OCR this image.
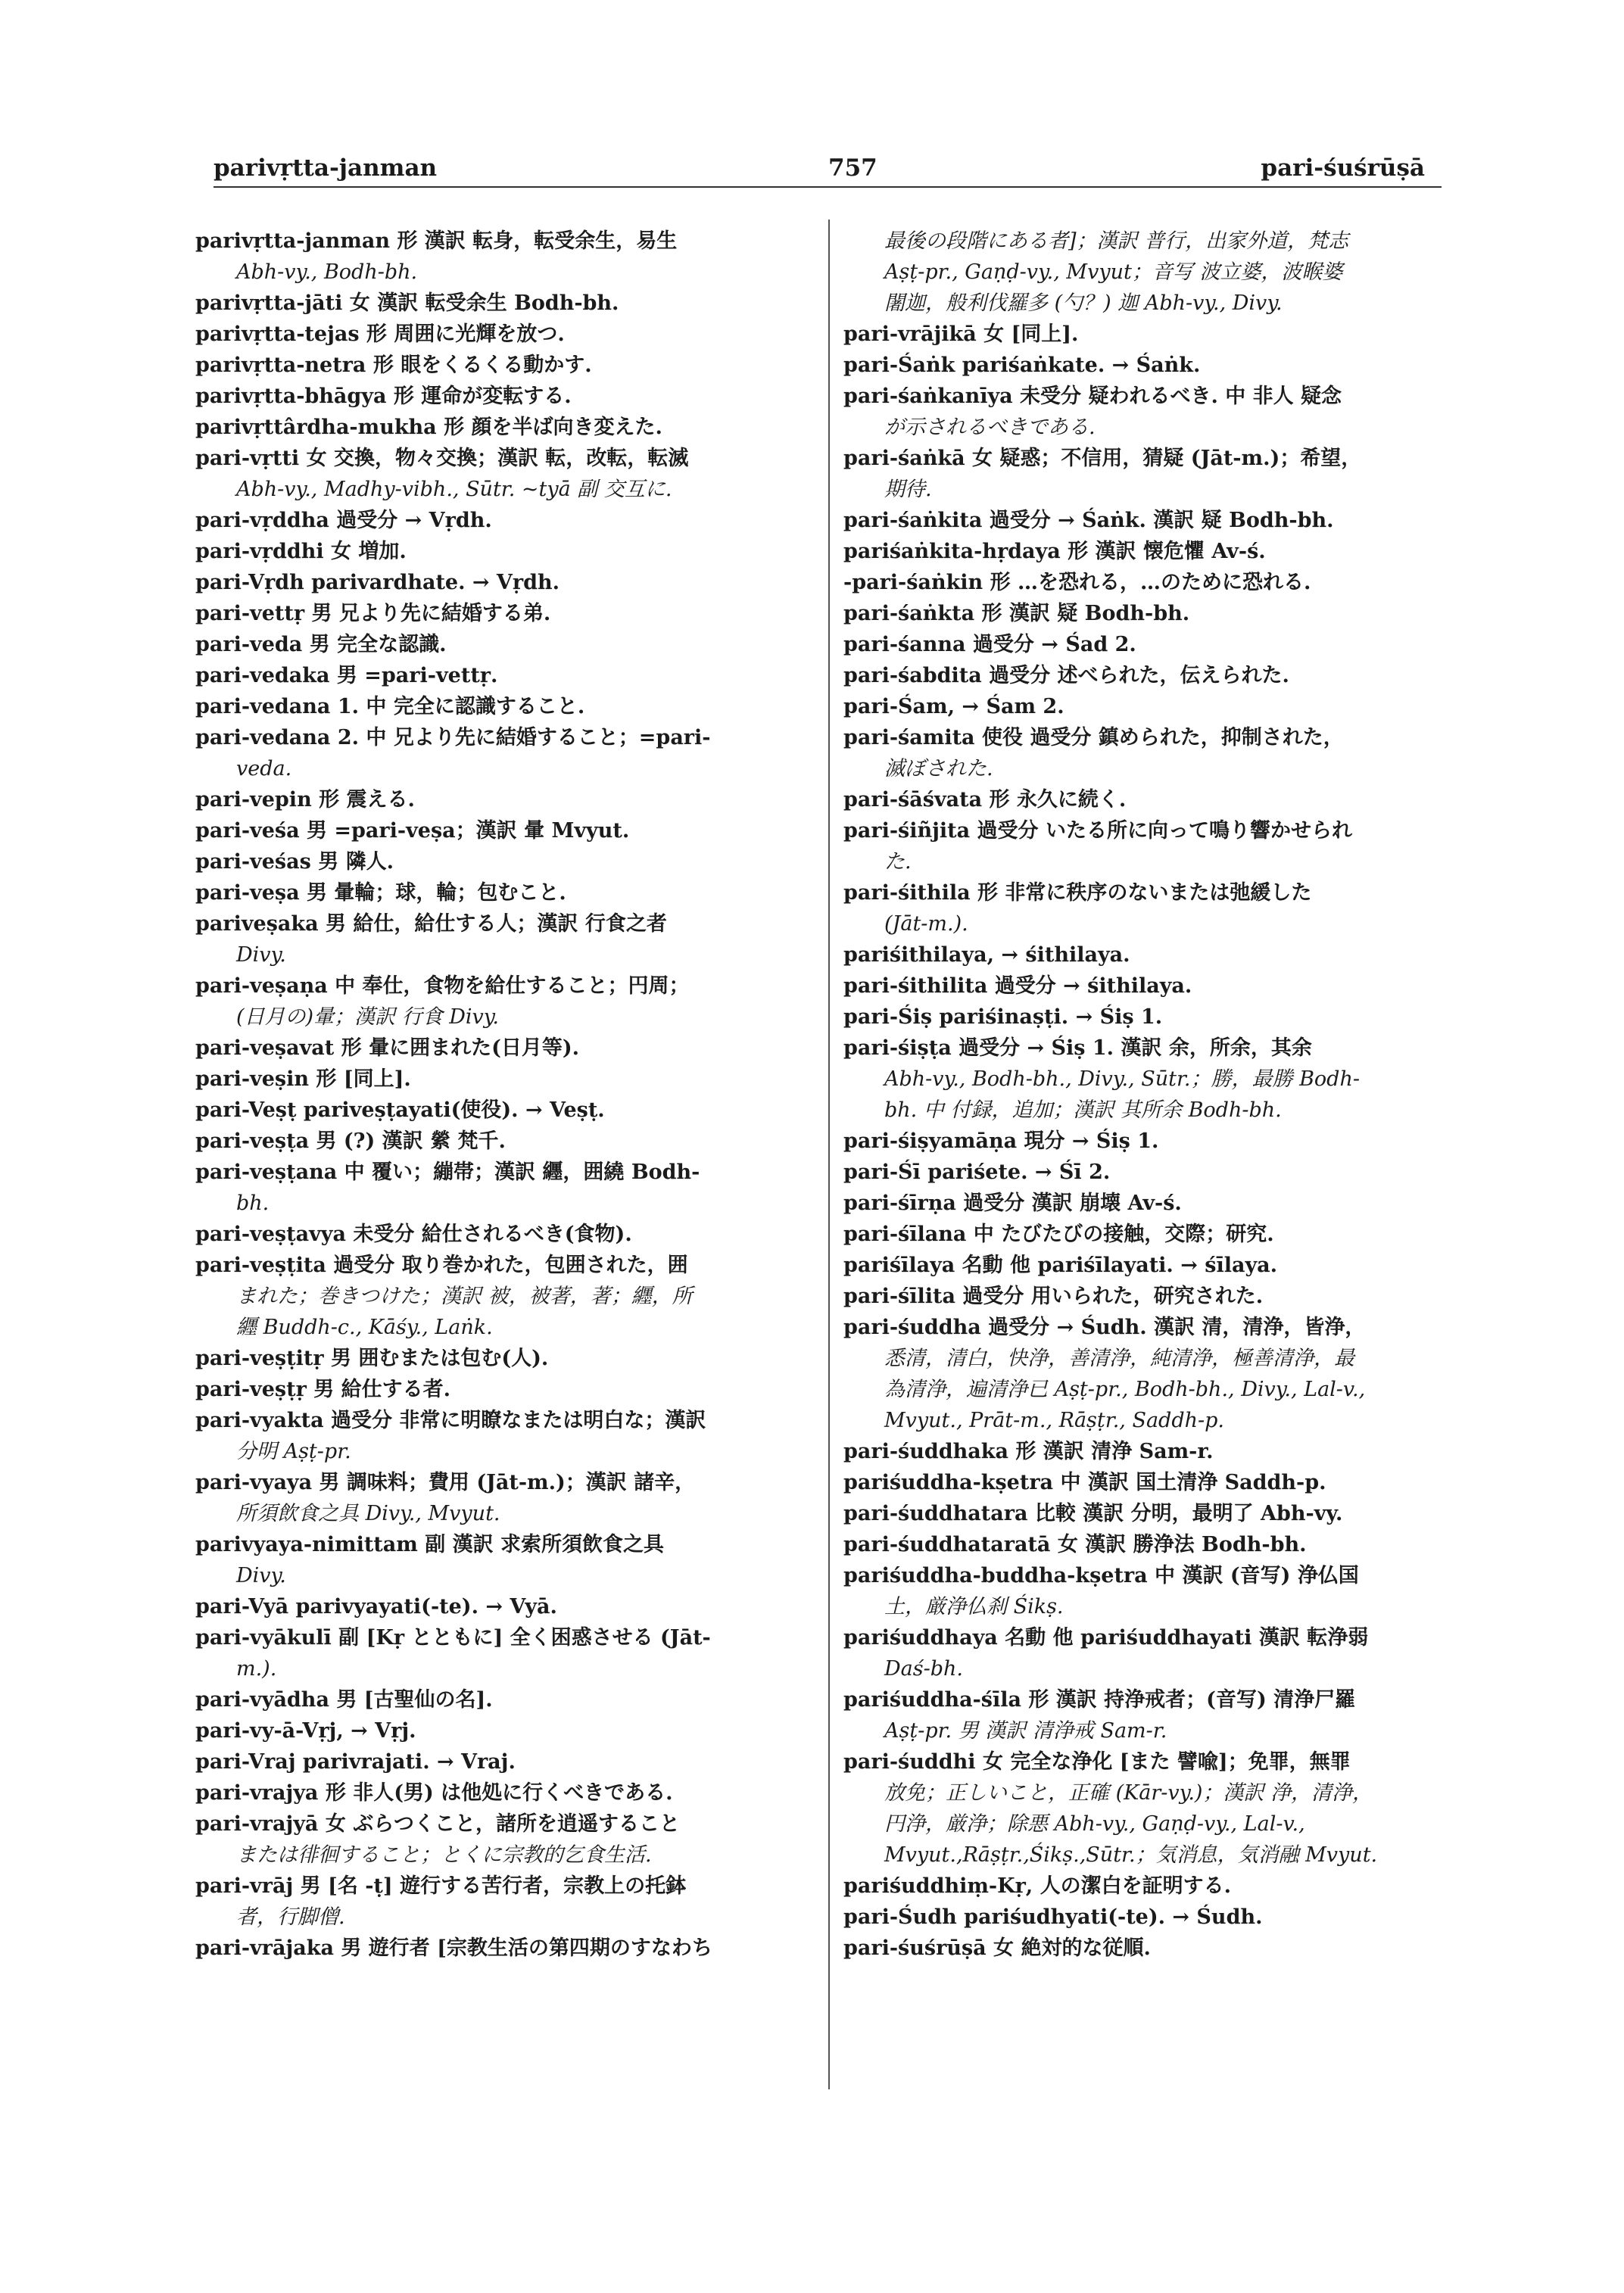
parivṛtta-janman	757	pari-śuśrūṣā

parivṛtta-janman 形 漢訳 転身，転受余生，易生

Abh-vy., Bodh-bh.

parivṛtta-jāti 女 漢訳 転受余生 Bodh-bh.

parivṛtta-tejas 形 周囲に光輝を放つ.

parivṛtta-netra 形 眼をくるくる動かす.

parivṛtta-bhāgya 形 運命が変転する.

parivṛttârdha-mukha 形 顔を半ば向き変えた.

pari-vṛtti 女 交換，物々交換；漢訳 転，改転，転滅

Abh-vy., Madhy-vibh., Sūtr. ~tyā 副 交互に.

pari-vṛddha 過受分 → Vṛdh.

pari-vṛddhi 女 増加.

pari-Vṛdh parivardhate. → Vṛdh.

pari-vettṛ 男 兄より先に結婚する弟.

pari-veda 男 完全な認識.

pari-vedaka 男 =pari-vettṛ.

pari-vedana 1. 中 完全に認識すること.

pari-vedana 2. 中 兄より先に結婚すること；=pari-

veda.

pari-vepin 形 震える.

pari-veśa 男 =pari-veṣa；漢訳 暈 Mvyut.

pari-veśas 男 隣人.

pari-veṣa 男 暈輪；球，輪；包むこと.

pariveṣaka 男 給仕，給仕する人；漢訳 行食之者

Divy.

pari-veṣaṇa 中 奉仕，食物を給仕すること；円周；

(日月の)暈；漢訳 行食 Divy.

pari-veṣavat 形 暈に囲まれた(日月等).

pari-veṣin 形 [同上].

pari-Veṣṭ pariveṣṭayati(使役). → Veṣṭ.

pari-veṣṭa 男 (?) 漢訳 縈 梵千.

pari-veṣṭana 中 覆い；繃帯；漢訳 纒，囲繞 Bodh-

bh.

pari-veṣṭavya 未受分 給仕されるべき(食物).

pari-veṣṭita 過受分 取り巻かれた，包囲された，囲

まれた；巻きつけた；漢訳 被，被著，著；纒，所

纒 Buddh-c., Kāśy., Laṅk.

pari-veṣṭitṛ 男 囲むまたは包む(人).

pari-veṣṭṛ 男 給仕する者.

pari-vyakta 過受分 非常に明瞭なまたは明白な；漢訳

分明 Aṣṭ-pr.

pari-vyaya 男 調味料；費用 (Jāt-m.)；漢訳 諸辛，

所須飲食之具 Divy., Mvyut.

parivyaya-nimittam 副 漢訳 求索所須飲食之具

Divy.

pari-Vyā parivyayati(-te). → Vyā.

pari-vyākulī 副 [Kṛ とともに] 全く困惑させる (Jāt-

m.).

pari-vyādha 男 [古聖仙の名].

pari-vy-ā-Vṛj, → Vṛj.

pari-Vraj parivrajati. → Vraj.

pari-vrajya 形 非人(男) は他処に行くべきである.

pari-vrajyā 女 ぶらつくこと，諸所を逍遥すること

または徘徊すること；とくに宗教的乞食生活.

pari-vrāj 男 [名 -ṭ] 遊行する苦行者，宗教上の托鉢

者，行脚僧.

pari-vrājaka 男 遊行者 [宗教生活の第四期のすなわち

最後の段階にある者]；漢訳 普行，出家外道，梵志

Aṣṭ-pr., Gaṇḍ-vy., Mvyut；音写 波立婆，波睺婆

闍迦，般利伐羅多 (勺？) 迦 Abh-vy., Divy.

pari-vrājikā 女 [同上].

pari-Śaṅk pariśaṅkate. → Śaṅk.

pari-śaṅkanīya 未受分 疑われるべき. 中 非人 疑念

が示されるべきである.

pari-śaṅkā 女 疑惑；不信用，猜疑 (Jāt-m.)；希望，

期待.

pari-śaṅkita 過受分 → Śaṅk. 漢訳 疑 Bodh-bh.

pariśaṅkita-hṛdaya 形 漢訳 懐危懼 Av-ś.

-pari-śaṅkin 形 …を恐れる，…のために恐れる.

pari-śaṅkta 形 漢訳 疑 Bodh-bh.

pari-śanna 過受分 → Śad 2.

pari-śabdita 過受分 述べられた，伝えられた.

pari-Śam, → Śam 2.

pari-śamita 使役 過受分 鎮められた，抑制された，

滅ぼされた.

pari-śāśvata 形 永久に続く.

pari-śiñjita 過受分 いたる所に向って鳴り響かせられ

た.

pari-śithila 形 非常に秩序のないまたは弛緩した

(Jāt-m.).

pariśithilaya, → śithilaya.

pari-śithilita 過受分 → śithilaya.

pari-Śiṣ pariśinaṣṭi. → Śiṣ 1.

pari-śiṣṭa 過受分 → Śiṣ 1. 漢訳 余，所余，其余

Abh-vy., Bodh-bh., Divy., Sūtr.；勝，最勝 Bodh-

bh. 中 付録，追加；漢訳 其所余 Bodh-bh.

pari-śiṣyamāṇa 現分 → Śiṣ 1.

pari-Śī pariśete. → Śī 2.

pari-śīrṇa 過受分 漢訳 崩壊 Av-ś.

pari-śīlana 中 たびたびの接触，交際；研究.

pariśīlaya 名動 他 pariśīlayati. → śīlaya.

pari-śīlita 過受分 用いられた，研究された.

pari-śuddha 過受分 → Śudh. 漢訳 清，清浄，皆浄，

悉清，清白，快浄，善清浄，純清浄，極善清浄，最

為清浄，遍清浄已 Aṣṭ-pr., Bodh-bh., Divy., Lal-v.,

Mvyut., Prāt-m., Rāṣṭr., Saddh-p.

pari-śuddhaka 形 漢訳 清浄 Sam-r.

pariśuddha-kṣetra 中 漢訳 国土清浄 Saddh-p.

pari-śuddhatara 比較 漢訳 分明，最明了 Abh-vy.

pari-śuddhataratā 女 漢訳 勝浄法 Bodh-bh.

pariśuddha-buddha-kṣetra 中 漢訳 (音写) 浄仏国

土，厳浄仏刹 Śikṣ.

pariśuddhaya 名動 他 pariśuddhayati 漢訳 転浄弱

Daś-bh.

pariśuddha-śīla 形 漢訳 持浄戒者；(音写) 清浄尸羅

Aṣṭ-pr. 男 漢訳 清浄戒 Sam-r.

pari-śuddhi 女 完全な浄化 [また 譬喩]；免罪，無罪

放免；正しいこと，正確 (Kār-vy.)；漢訳 浄，清浄，

円浄，厳浄；除悪 Abh-vy., Gaṇḍ-vy., Lal-v.,

Mvyut.,Rāṣṭr.,Śikṣ.,Sūtr.；気消息，気消融 Mvyut.

pariśuddhiṃ-Kṛ, 人の潔白を証明する.

pari-Śudh pariśudhyati(-te). → Śudh.

pari-śuśrūṣā 女 絶対的な従順.
